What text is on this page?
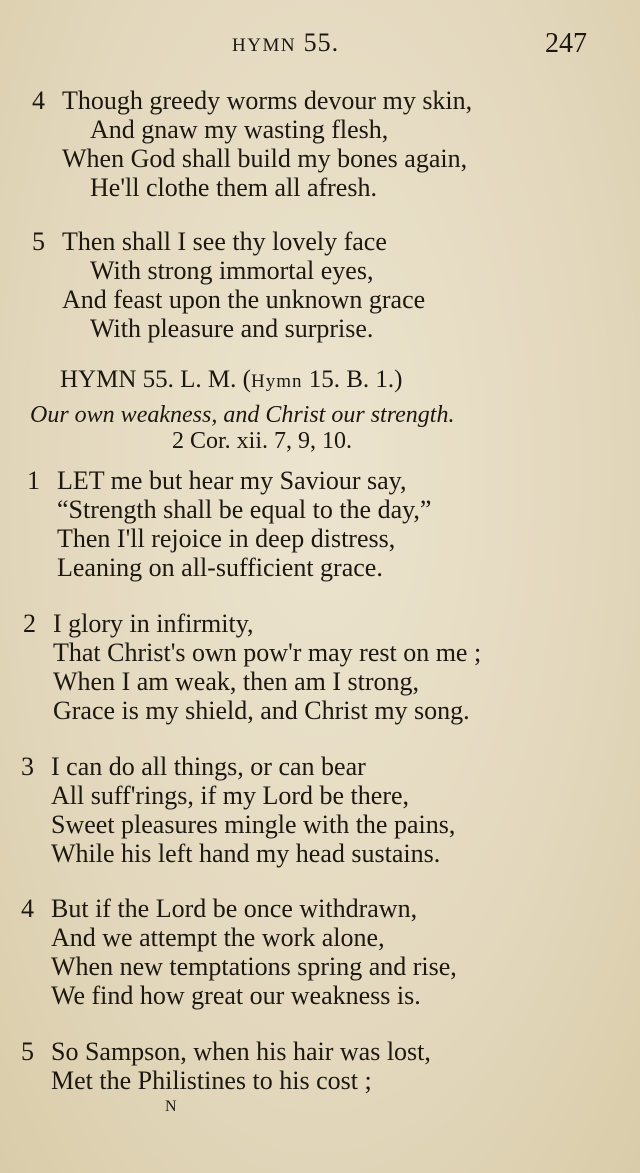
HYMN 55.	247
4 Though greedy worms devour my skin,
And gnaw my wasting flesh,
When God shall build my bones again,
He'll clothe them all afresh.
5 Then shall I see thy lovely face
With strong immortal eyes,
And feast upon the unknown grace
With pleasure and surprise.
HYMN 55. L. M. (Hymn 15. B. 1.)
Our own weakness, and Christ our strength.
2 Cor. xii. 7, 9, 10.
1 LET me but hear my Saviour say,
“Strength shall be equal to the day,”
Then I'll rejoice in deep distress,
Leaning on all-sufficient grace.
2 I glory in infirmity,
That Christ's own pow'r may rest on me ;
When I am weak, then am I strong,
Grace is my shield, and Christ my song.
3 I can do all things, or can bear
All suff'rings, if my Lord be there,
Sweet pleasures mingle with the pains,
While his left hand my head sustains.
4 But if the Lord be once withdrawn,
And we attempt the work alone,
When new temptations spring and rise,
We find how great our weakness is.
5 So Sampson, when his hair was lost,
Met the Philistines to his cost ;
N
